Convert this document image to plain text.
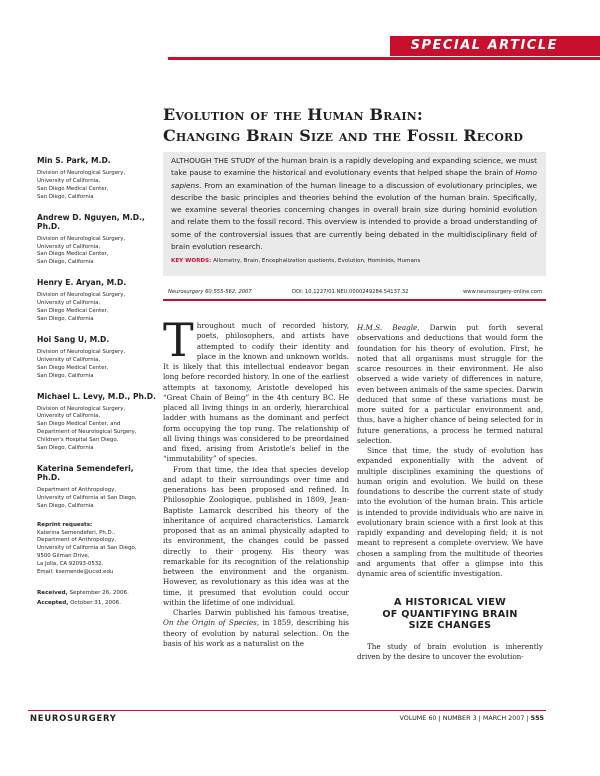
SPECIAL ARTICLE
Evolution of the Human Brain:
Changing Brain Size and the Fossil Record
Min S. Park, M.D.
Division of Neurological Surgery,
University of California,
San Diego Medical Center,
San Diego, California
Andrew D. Nguyen, M.D., Ph.D.
Division of Neurological Surgery,
University of California,
San Diego Medical Center,
San Diego, California
Henry E. Aryan, M.D.
Division of Neurological Surgery,
University of California,
San Diego Medical Center,
San Diego, California
Hoi Sang U, M.D.
Division of Neurological Surgery,
University of California,
San Diego Medical Center,
San Diego, California
Michael L. Levy, M.D., Ph.D.
Division of Neurological Surgery,
University of California,
San Diego Medical Center, and
Department of Neurological Surgery,
Children's Hospital San Diego,
San Diego, California
Katerina Semendeferi, Ph.D.
Department of Anthropology,
University of California at San Diego,
San Diego, California
Reprint requests:
Katerina Semendeferi, Ph.D.,
Department of Anthropology,
University of California at San Diego,
9500 Gilman Drive,
La Jolla, CA 92093-0532.
Email: ksemende@ucsd.edu
Received, September 26, 2006.
Accepted, October 31, 2006.
ALTHOUGH THE STUDY of the human brain is a rapidly developing and expanding science, we must take pause to examine the historical and evolutionary events that helped shape the brain of Homo sapiens. From an examination of the human lineage to a discussion of evolutionary principles, we describe the basic principles and theories behind the evolution of the human brain. Specifically, we examine several theories concerning changes in overall brain size during hominid evolution and relate them to the fossil record. This overview is intended to provide a broad understanding of some of the controversial issues that are currently being debated in the multidisciplinary field of brain evolution research.
KEY WORDS: Allometry, Brain, Encephalization quotients, Evolution, Hominids, Humans
Neurosurgery 60:555-562, 2007	DOI: 10.1227/01.NEU.0000249284.54137.32	www.neurosurgery-online.com

Throughout much of recorded history, poets, philosophers, and artists have attempted to codify their identity and place in the known and unknown worlds. It is likely that this intellectual endeavor began long before recorded history. In one of the earliest attempts at taxonomy, Aristotle developed his “Great Chain of Being” in the 4th century BC. He placed all living things in an orderly, hierarchical ladder with humans as the dominant and perfect form occupying the top rung. The relationship of all living things was considered to be preordained and fixed, arising from Aristotle's belief in the “immutability” of species.

From that time, the idea that species develop and adapt to their surroundings over time and generations has been proposed and refined. In Philosophie Zoologique, published in 1809, Jean-Baptiste Lamarck described his theory of the inheritance of acquired characteristics. Lamarck proposed that as an animal physically adapted to its environment, the changes could be passed directly to their progeny. His theory was remarkable for its recognition of the relationship between the environment and the organism. However, as revolutionary as this idea was at the time, it presumed that evolution could occur within the lifetime of one individual.

Charles Darwin published his famous treatise, On the Origin of Species, in 1859, describing his theory of evolution by natural selection. On the basis of his work as a naturalist on the

H.M.S. Beagle, Darwin put forth several observations and deductions that would form the foundation for his theory of evolution. First, he noted that all organisms must struggle for the scarce resources in their environment. He also observed a wide variety of differences in nature, even between animals of the same species. Darwin deduced that some of these variations must be more suited for a particular environment and, thus, have a higher chance of being selected for in future generations, a process he termed natural selection.

Since that time, the study of evolution has expanded exponentially with the advent of multiple disciplines examining the questions of human origin and evolution. We build on these foundations to describe the current state of study into the evolution of the human brain. This article is intended to provide individuals who are naive in evolutionary brain science with a first look at this rapidly expanding and developing field; it is not meant to represent a complete overview. We have chosen a sampling from the multitude of theories and arguments that offer a glimpse into this dynamic area of scientific investigation.

A HISTORICAL VIEW
OF QUANTIFYING BRAIN
SIZE CHANGES

The study of brain evolution is inherently driven by the desire to uncover the evolution-

NEUROSURGERY	VOLUME 60 | NUMBER 3 | MARCH 2007 | 555
